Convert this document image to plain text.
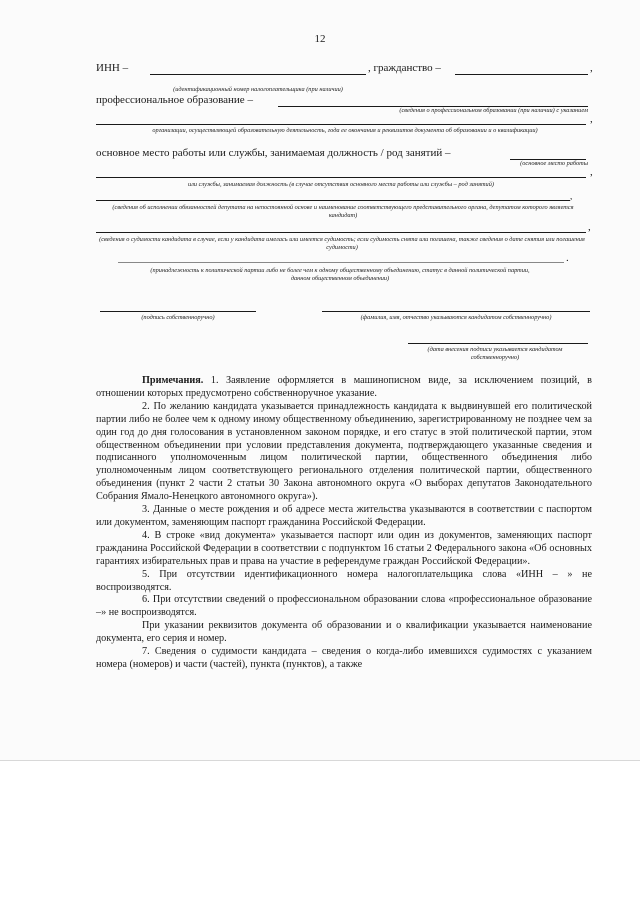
12
ИНН –	, гражданство –	,
(идентификационный номер налогоплательщика (при наличии)
профессиональное образование –
(сведения о профессиональном образовании (при наличии) с указанием
,
организации, осуществляющей образовательную деятельность, года ее окончания и реквизитов документа об образовании и о квалификации)
основное место работы или службы, занимаемая должность / род занятий –
(основное место работы
,
или службы, занимаемая должность (в случае отсутствия основного места работы или службы – род занятий)
,
(сведения об исполнении обязанностей депутата на непостоянной основе и наименование соответствующего представительного органа, депутатом которого является кандидат)
,
(сведения о судимости кандидата в случае, если у кандидата имелась или имеется судимость; если судимость снята или погашена, также сведения о дате снятия или погашения судимости)
.
(принадлежность к политической партии либо не более чем к одному общественному объединению, статус в данной политической партии, данном общественном объединении)
(подпись собственноручно)	(фамилия, имя, отчество указываются кандидатом собственноручно)
(дата внесения подписи указывается кандидатом собственноручно)

Примечания. 1. Заявление оформляется в машинописном виде, за исключением позиций, в отношении которых предусмотрено собственноручное указание.

2. По желанию кандидата указывается принадлежность кандидата к выдвинувшей его политической партии либо не более чем к одному иному общественному объединению, зарегистрированному не позднее чем за один год до дня голосования в установленном законом порядке, и его статус в этой политической партии, этом общественном объединении при условии представления документа, подтверждающего указанные сведения и подписанного уполномоченным лицом политической партии, общественного объединения либо уполномоченным лицом соответствующего регионального отделения политической партии, общественного объединения (пункт 2 части 2 статьи 30 Закона автономного округа «О выборах депутатов Законодательного Собрания Ямало-Ненецкого автономного округа»).

3. Данные о месте рождения и об адресе места жительства указываются в соответствии с паспортом или документом, заменяющим паспорт гражданина Российской Федерации.

4. В строке «вид документа» указывается паспорт или один из документов, заменяющих паспорт гражданина Российской Федерации в соответствии с подпунктом 16 статьи 2 Федерального закона «Об основных гарантиях избирательных прав и права на участие в референдуме граждан Российской Федерации».

5. При отсутствии идентификационного номера налогоплательщика слова «ИНН – » не воспроизводятся.

6. При отсутствии сведений о профессиональном образовании слова «профессиональное образование –» не воспроизводятся.

При указании реквизитов документа об образовании и о квалификации указывается наименование документа, его серия и номер.

7. Сведения о судимости кандидата – сведения о когда-либо имевшихся судимостях с указанием номера (номеров) и части (частей), пункта (пунктов), а также
